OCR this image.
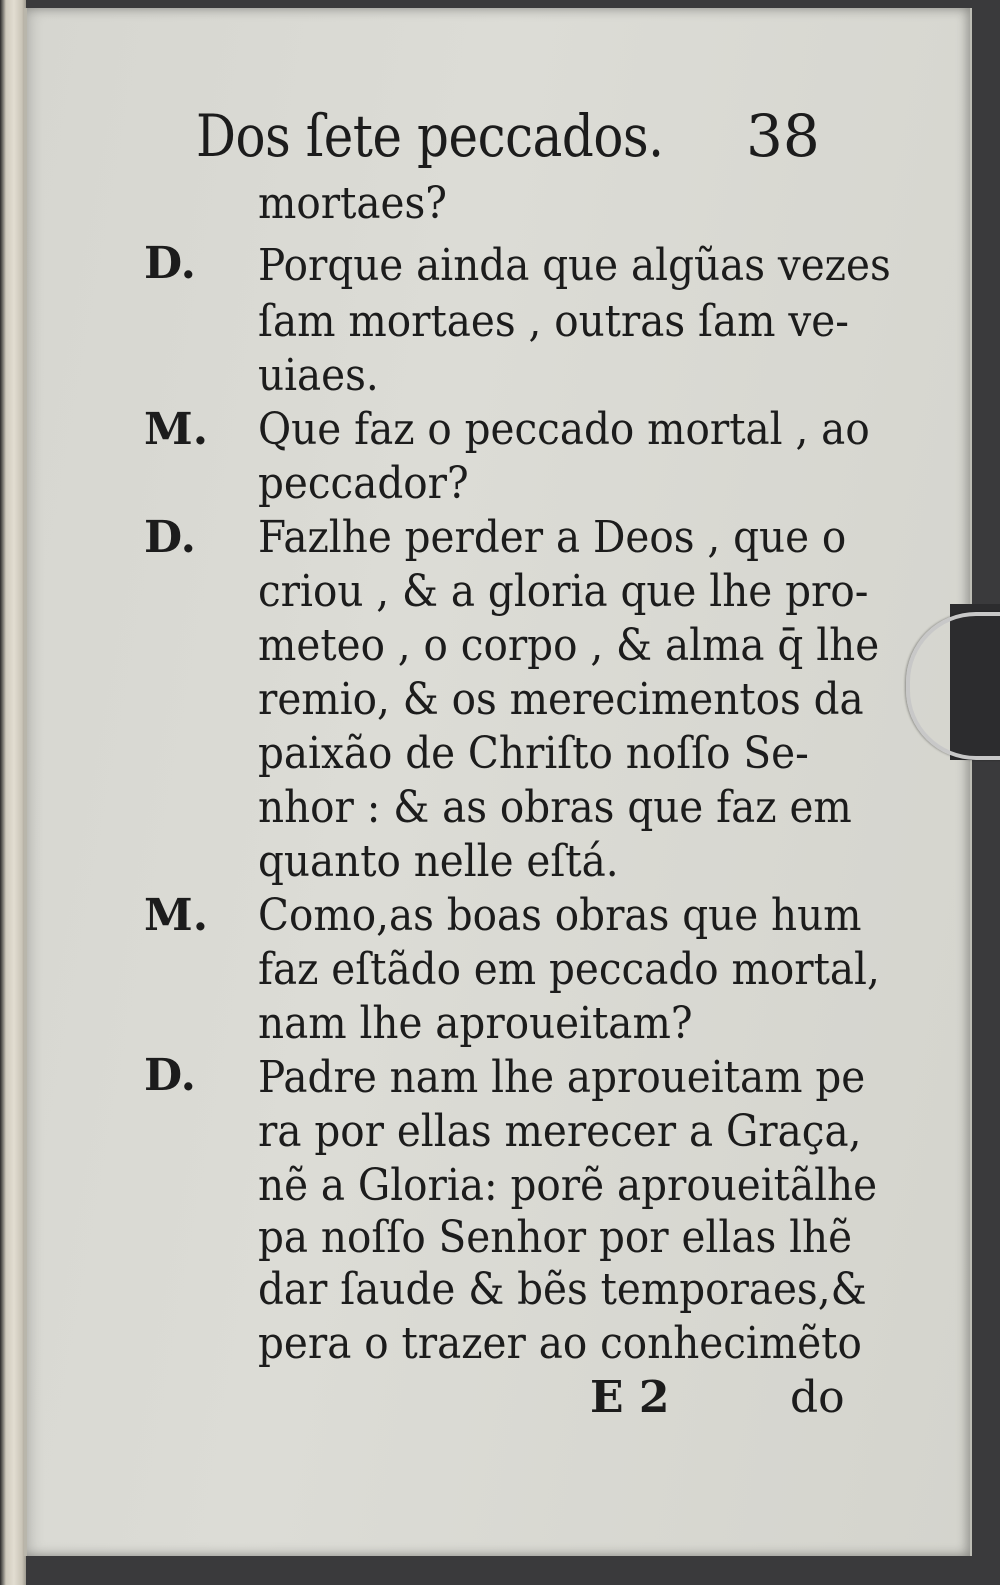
Dos ſete peccados. 38
mortaes?
D. Porque ainda que algũas vezes
ſam mortaes , outras ſam ve-
uiaes.
M. Que faz o peccado mortal , ao
peccador?
D. Fazlhe perder a Deos , que o
criou , & a gloria que lhe pro-
meteo , o corpo , & alma q̄ lhe
remio, & os merecimentos da
paixão de Chriſto noſſo Se-
nhor : & as obras que faz em
quanto nelle eſtá.
M. Como,as boas obras que hum
faz eſtãdo em peccado mortal,
nam lhe aproueitam?
D. Padre nam lhe aproueitam pe
ra por ellas merecer a Graça,
nẽ a Gloria: porẽ aproueitãlhe
pa noſſo Senhor por ellas lhẽ
dar ſaude & bẽs temporaes,&
pera o trazer ao conhecimẽto
E 2	do
